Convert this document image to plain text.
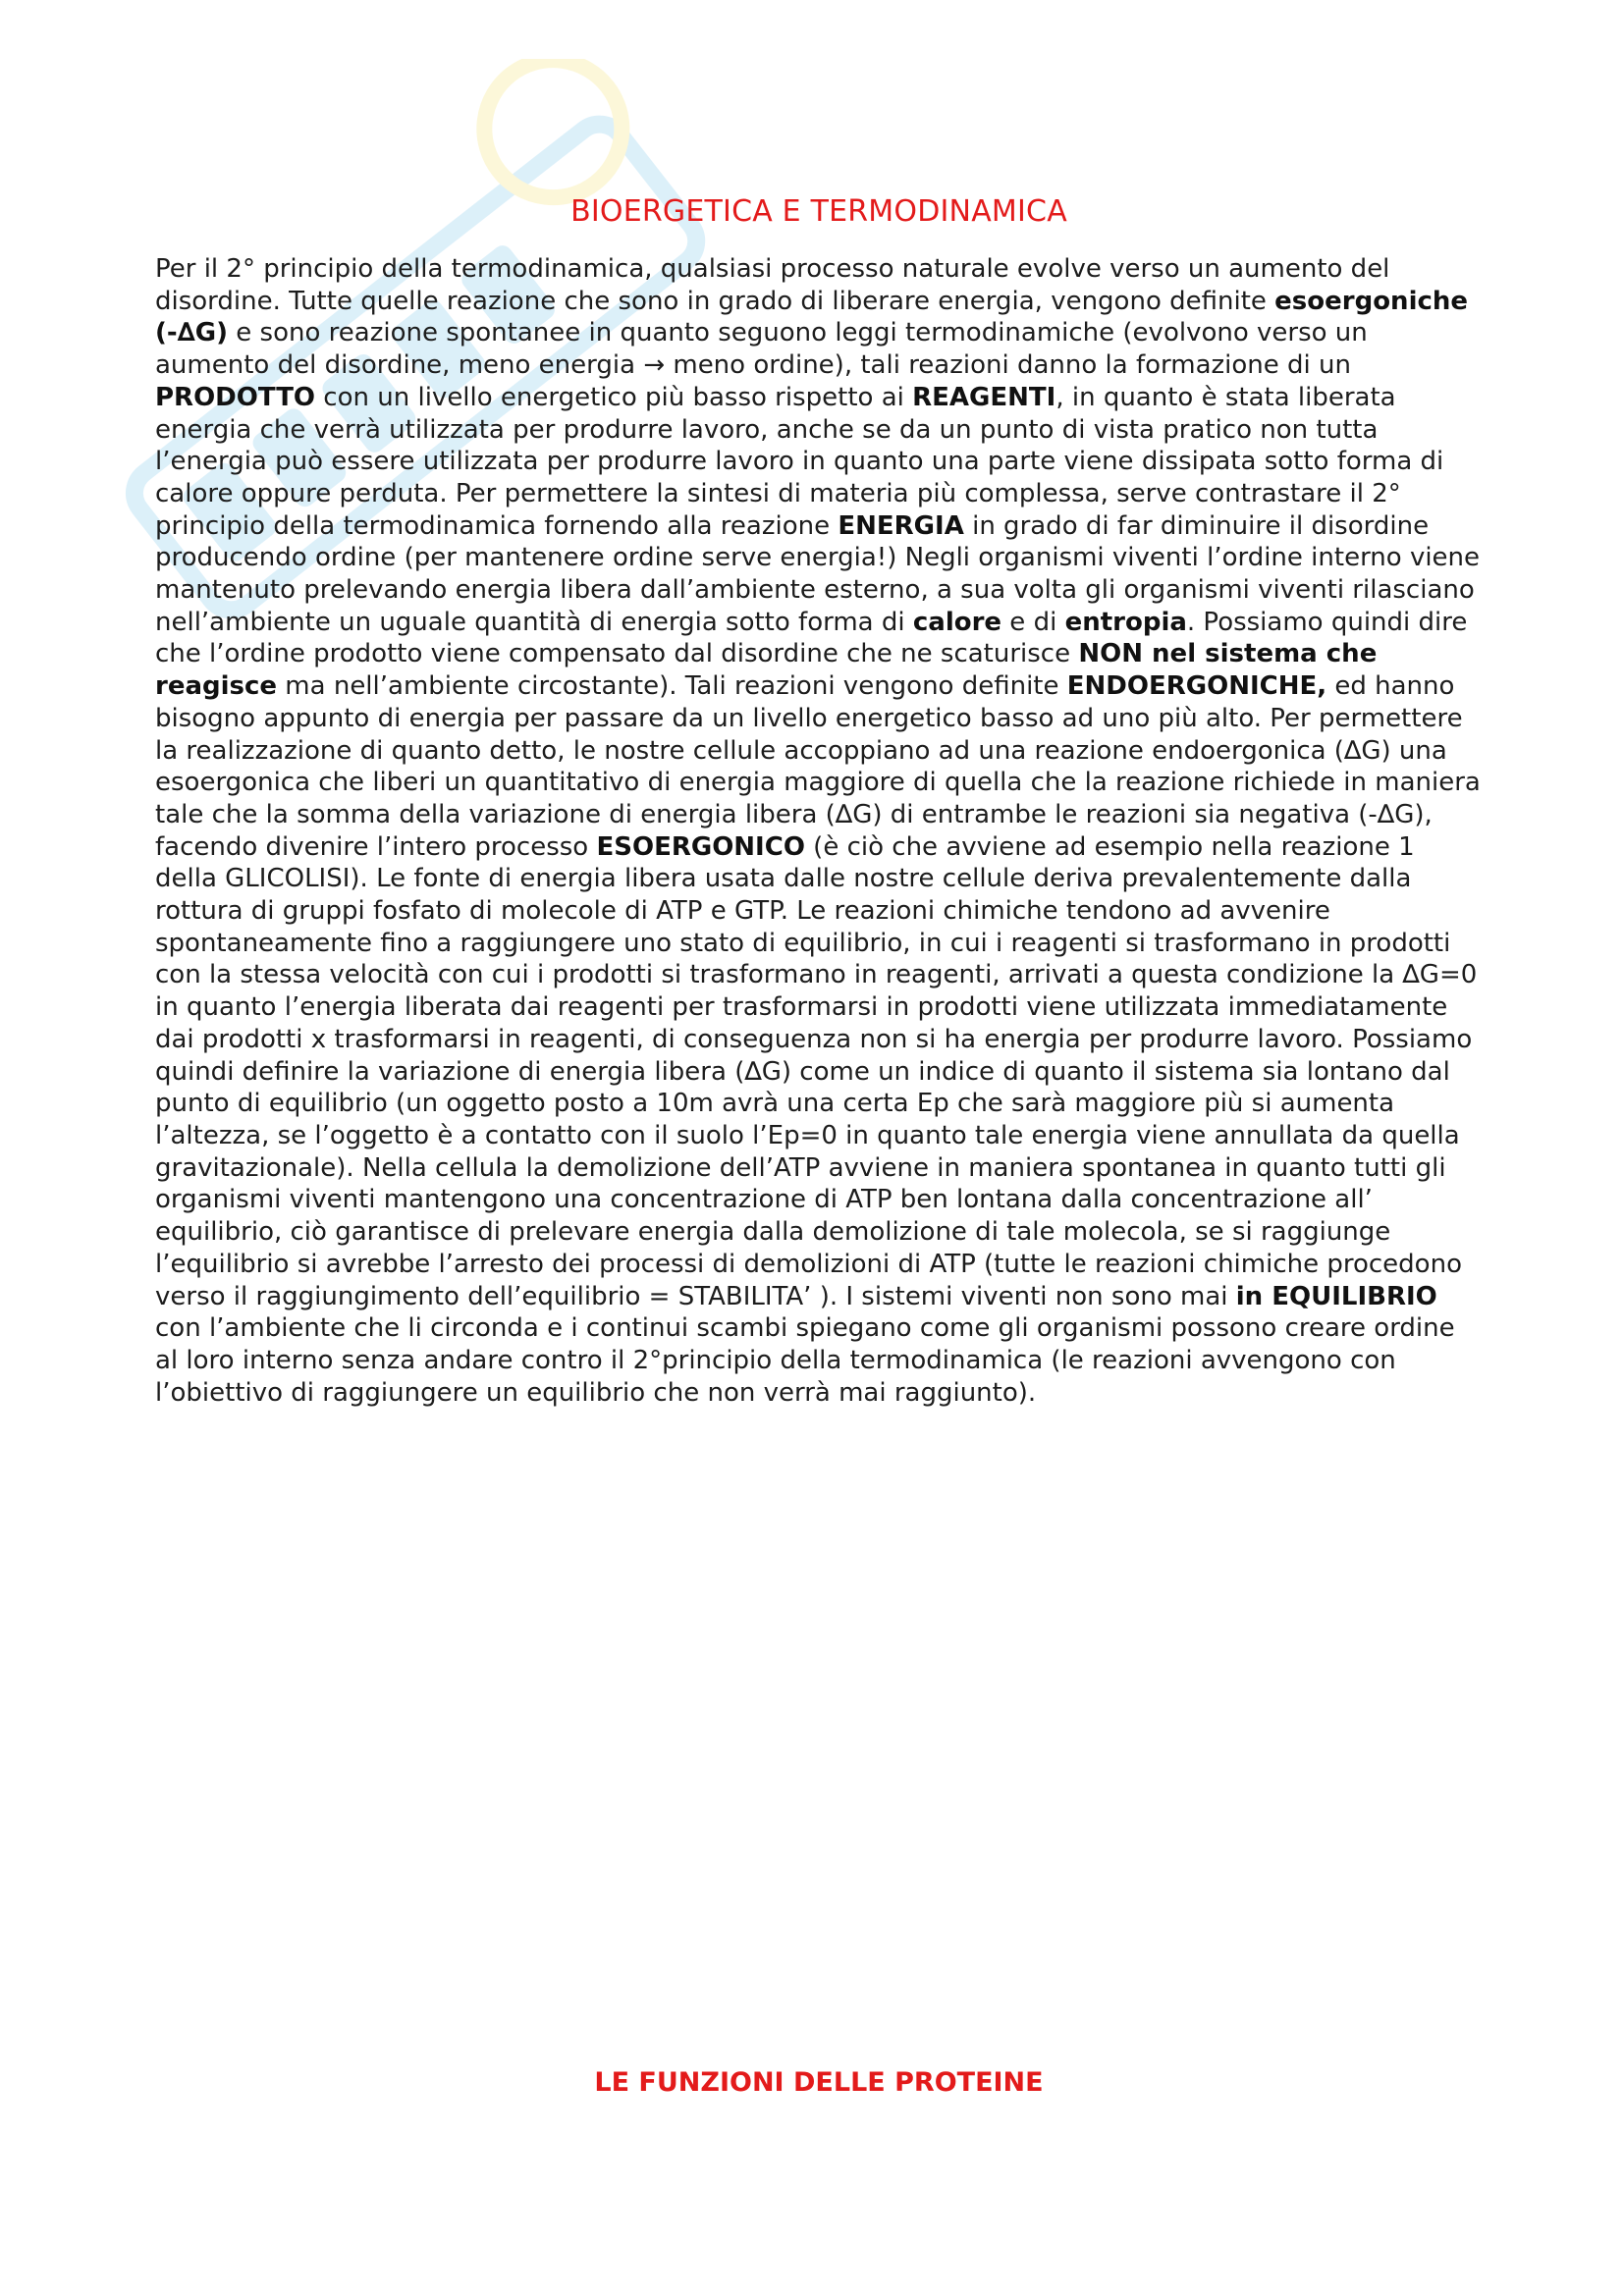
BIOERGETICA E TERMODINAMICA
Per il 2° principio della termodinamica, qualsiasi processo naturale evolve verso un aumento del disordine. Tutte quelle reazione che sono in grado di liberare energia, vengono definite esoergoniche (-∆G) e sono reazione spontanee in quanto seguono leggi termodinamiche (evolvono verso un aumento del disordine, meno energia → meno ordine), tali reazioni danno la formazione di un PRODOTTO con un livello energetico più basso rispetto ai REAGENTI, in quanto è stata liberata energia che verrà utilizzata per produrre lavoro, anche se da un punto di vista pratico non tutta l’energia può essere utilizzata per produrre lavoro in quanto una parte viene dissipata sotto forma di calore oppure perduta. Per permettere la sintesi di materia più complessa, serve contrastare il 2° principio della termodinamica fornendo alla reazione ENERGIA in grado di far diminuire il disordine producendo ordine (per mantenere ordine serve energia!) Negli organismi viventi l’ordine interno viene mantenuto prelevando energia libera dall’ambiente esterno, a sua volta gli organismi viventi rilasciano nell’ambiente un uguale quantità di energia sotto forma di calore e di entropia. Possiamo quindi dire che l’ordine prodotto viene compensato dal disordine che ne scaturisce NON nel sistema che reagisce ma nell’ambiente circostante). Tali reazioni vengono definite ENDOERGONICHE, ed hanno bisogno appunto di energia per passare da un livello energetico basso ad uno più alto. Per permettere la realizzazione di quanto detto, le nostre cellule accoppiano ad una reazione endoergonica (∆G) una esoergonica che liberi un quantitativo di energia maggiore di quella che la reazione richiede in maniera tale che la somma della variazione di energia libera (∆G) di entrambe le reazioni sia negativa (-∆G), facendo divenire l’intero processo ESOERGONICO (è ciò che avviene ad esempio nella reazione 1 della GLICOLISI). Le fonte di energia libera usata dalle nostre cellule deriva prevalentemente dalla rottura di gruppi fosfato di molecole di ATP e GTP. Le reazioni chimiche tendono ad avvenire spontaneamente fino a raggiungere uno stato di equilibrio, in cui i reagenti si trasformano in prodotti con la stessa velocità con cui i prodotti si trasformano in reagenti, arrivati a questa condizione la ∆G=0 in quanto l’energia liberata dai reagenti per trasformarsi in prodotti viene utilizzata immediatamente dai prodotti x trasformarsi in reagenti, di conseguenza non si ha energia per produrre lavoro. Possiamo quindi definire la variazione di energia libera (∆G) come un indice di quanto il sistema sia lontano dal punto di equilibrio (un oggetto posto a 10m avrà una certa Ep che sarà maggiore più si aumenta l’altezza, se l’oggetto è a contatto con il suolo l’Ep=0 in quanto tale energia viene annullata da quella gravitazionale). Nella cellula la demolizione dell’ATP avviene in maniera spontanea in quanto tutti gli organismi viventi mantengono una concentrazione di ATP ben lontana dalla concentrazione all’ equilibrio, ciò garantisce di prelevare energia dalla demolizione di tale molecola, se si raggiunge l’equilibrio si avrebbe l’arresto dei processi di demolizioni di ATP (tutte le reazioni chimiche procedono verso il raggiungimento dell’equilibrio = STABILITA’ ). I sistemi viventi non sono mai in EQUILIBRIO con l’ambiente che li circonda e i continui scambi spiegano come gli organismi possono creare ordine al loro interno senza andare contro il 2°principio della termodinamica (le reazioni avvengono con l’obiettivo di raggiungere un equilibrio che non verrà mai raggiunto).
LE FUNZIONI DELLE PROTEINE
